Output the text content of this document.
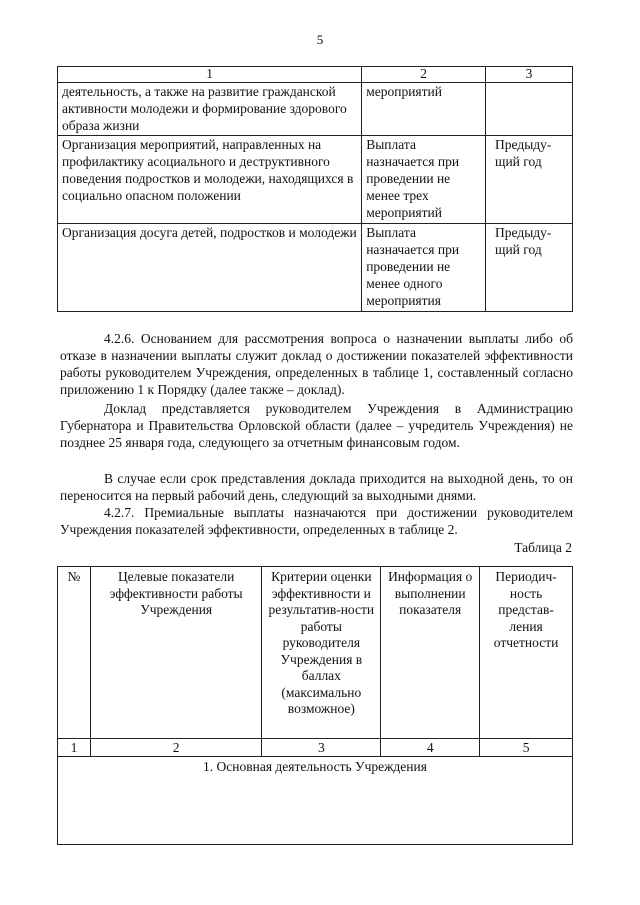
5
1	2	3
деятельность, а также на развитие гражданской активности молодежи и формирование здорового образа жизни	мероприятий	
Организация мероприятий, направленных на профилактику асоциального и деструктивного поведения подростков и молодежи, находящихся в социально опасном положении	Выплата назначается при проведении не менее трех мероприятий	Предыду-щий год
Организация досуга детей, подростков и молодежи	Выплата назначается при проведении не менее одного мероприятия	Предыду-щий год

4.2.6. Основанием для рассмотрения вопроса о назначении выплаты либо об отказе в назначении выплаты служит доклад о достижении показателей эффективности работы руководителем Учреждения, определенных в таблице 1, составленный согласно приложению 1 к Порядку (далее также – доклад).

Доклад представляется руководителем Учреждения в Администрацию Губернатора и Правительства Орловской области (далее – учредитель Учреждения) не позднее 25 января года, следующего за отчетным финансовым годом.

В случае если срок представления доклада приходится на выходной день, то он переносится на первый рабочий день, следующий за выходными днями.

4.2.7. Премиальные выплаты назначаются при достижении руководителем Учреждения показателей эффективности, определенных в таблице 2.

Таблица 2
№	Целевые показатели эффективности работы Учреждения	Критерии оценки эффективности и результатив-ности работы руководителя Учреждения в баллах (максимально возможное)	Информация о выполнении показателя	Периодич-ность представ-ления отчетности
1	2	3	4	5
1. Основная деятельность Учреждения				
